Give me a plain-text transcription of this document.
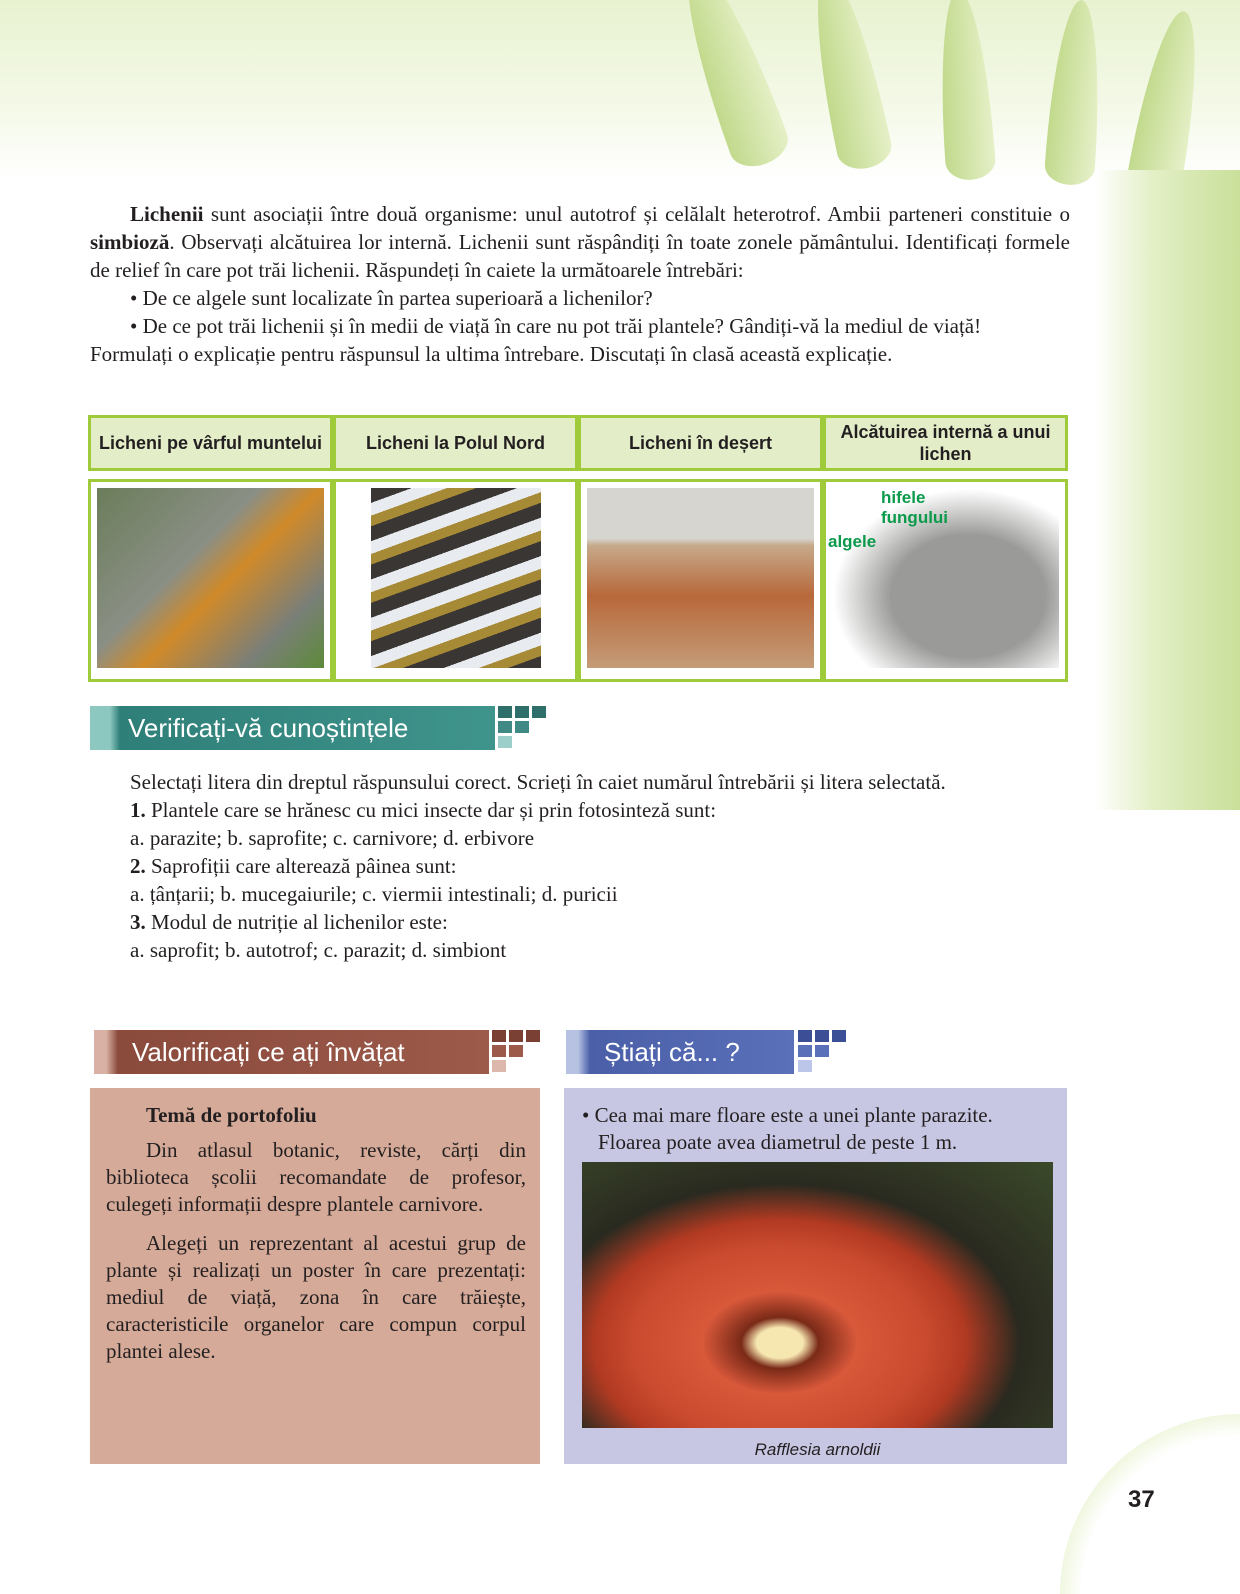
Lichenii sunt asociații între două organisme: unul autotrof și celălalt heterotrof. Ambii parteneri constituie o simbioză. Observați alcătuirea lor internă. Lichenii sunt răspândiți în toate zonele pământului. Identificați formele de relief în care pot trăi lichenii. Răspundeți în caiete la următoarele întrebări:

• De ce algele sunt localizate în partea superioară a lichenilor?

• De ce pot trăi lichenii și în medii de viață în care nu pot trăi plantele? Gândiți-vă la mediul de viață!

Formulați o explicație pentru răspunsul la ultima întrebare. Discutați în clasă această explicație.

Licheni pe vârful muntelui	Licheni la Polul Nord	Licheni în deșert	Alcătuirea internă a unui lichen

			hifele fungului
algele
Verificați-vă cunoștințele

Selectați litera din dreptul răspunsului corect. Scrieți în caiet numărul întrebării și litera selectată.

1. Plantele care se hrănesc cu mici insecte dar și prin fotosinteză sunt:

a. parazite; b. saprofite; c. carnivore; d. erbivore

2. Saprofiții care alterează pâinea sunt:

a. țânțarii; b. mucegaiurile; c. viermii intestinali; d. puricii

3. Modul de nutriție al lichenilor este:

a. saprofit; b. autotrof; c. parazit; d. simbiont

Valorificați ce ați învățat	Știați că... ?

Temă de portofoliu

Din atlasul botanic, reviste, cărți din biblioteca școlii recomandate de profesor, culegeți informații despre plantele carnivore.

Alegeți un reprezentant al acestui grup de plante și realizați un poster în care prezentați: mediul de viață, zona în care trăiește, caracteristicile organelor care compun corpul plantei alese.

• Cea mai mare floare este a unei plante parazite. Floarea poate avea diametrul de peste 1 m.

Rafflesia arnoldii

37
